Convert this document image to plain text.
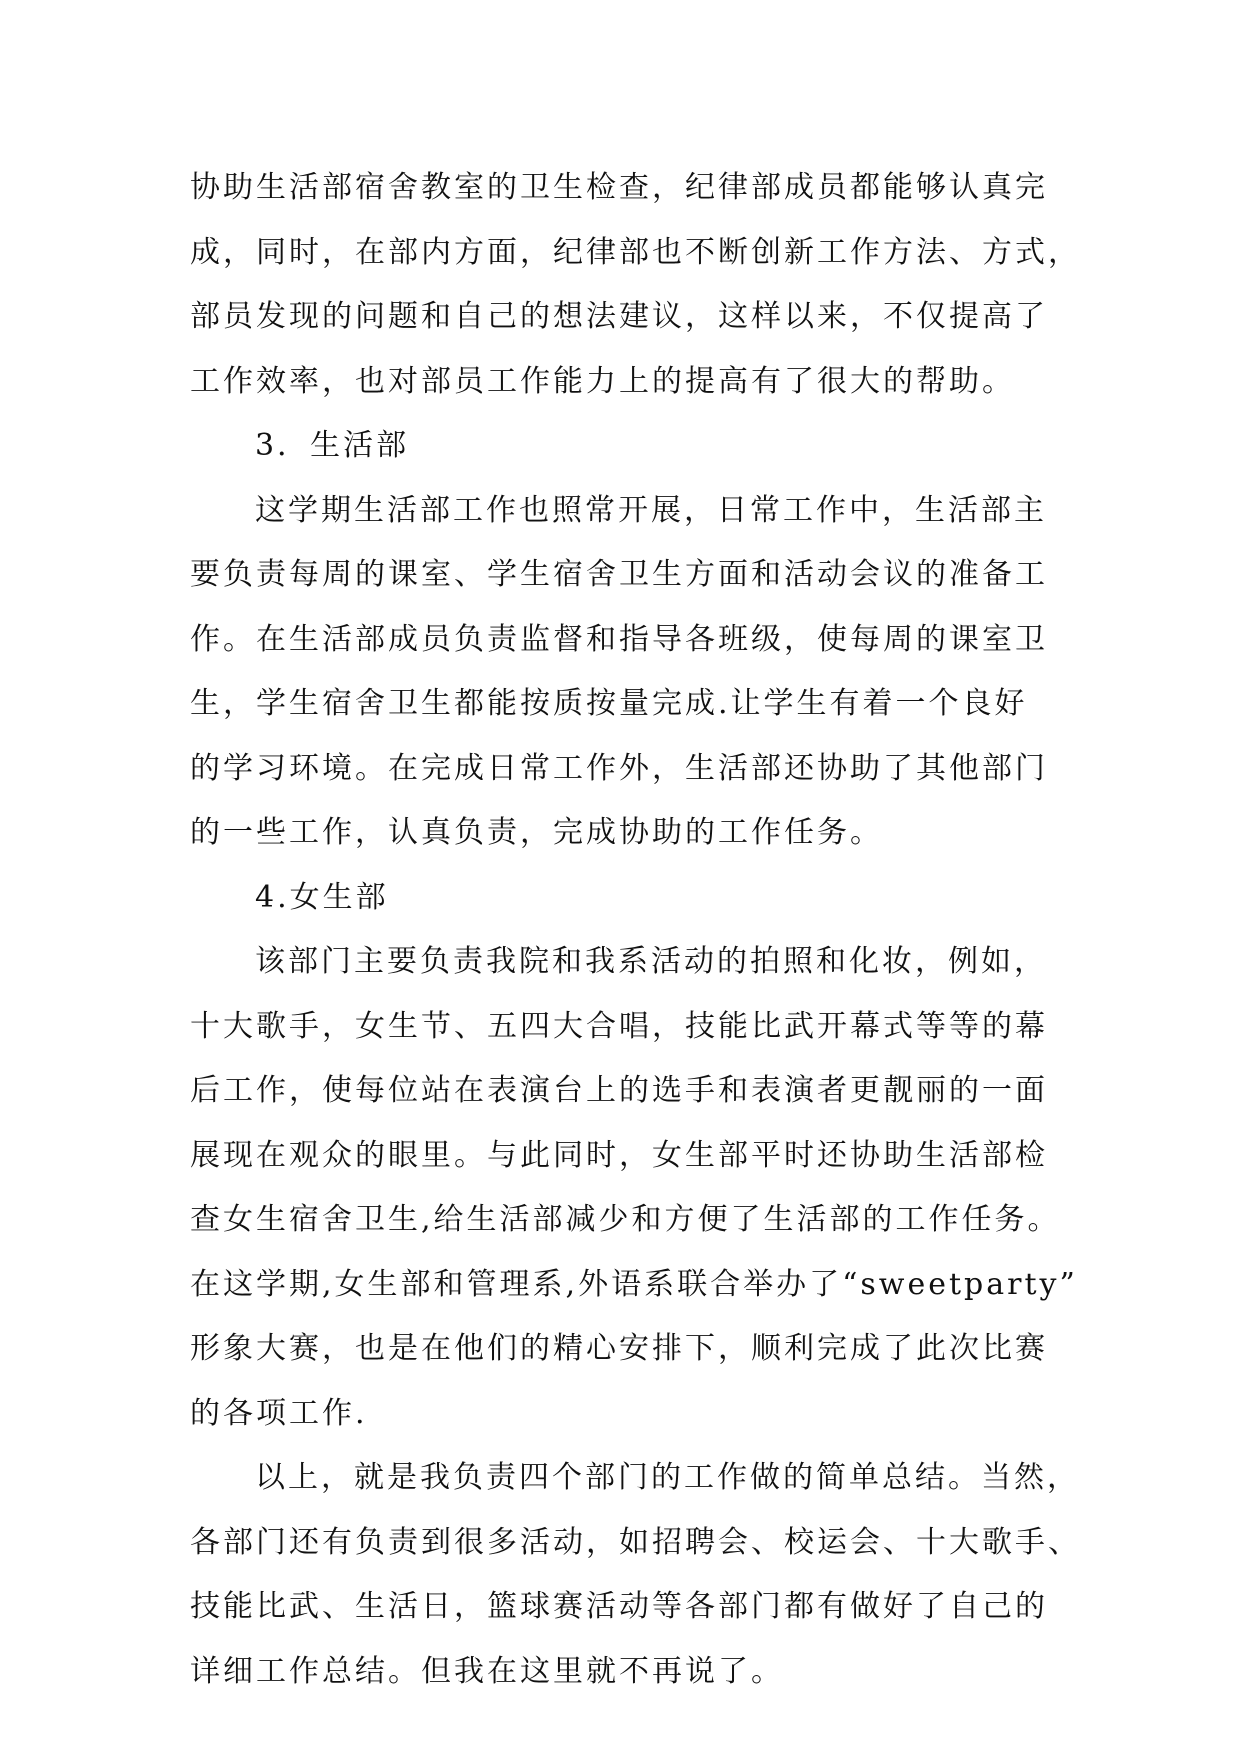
协助生活部宿舍教室的卫生检查，纪律部成员都能够认真完

成，同时，在部内方面，纪律部也不断创新工作方法、方式，

部员发现的问题和自己的想法建议，这样以来，不仅提高了

工作效率，也对部员工作能力上的提高有了很大的帮助。

3．生活部

这学期生活部工作也照常开展，日常工作中，生活部主

要负责每周的课室、学生宿舍卫生方面和活动会议的准备工

作。在生活部成员负责监督和指导各班级，使每周的课室卫

生，学生宿舍卫生都能按质按量完成.让学生有着一个良好

的学习环境。在完成日常工作外，生活部还协助了其他部门

的一些工作，认真负责，完成协助的工作任务。

4.女生部

该部门主要负责我院和我系活动的拍照和化妆，例如，

十大歌手，女生节、五四大合唱，技能比武开幕式等等的幕

后工作，使每位站在表演台上的选手和表演者更靓丽的一面

展现在观众的眼里。与此同时，女生部平时还协助生活部检

查女生宿舍卫生,给生活部减少和方便了生活部的工作任务。

在这学期,女生部和管理系,外语系联合举办了“sweetparty”

形象大赛，也是在他们的精心安排下，顺利完成了此次比赛

的各项工作.

以上，就是我负责四个部门的工作做的简单总结。当然，

各部门还有负责到很多活动，如招聘会、校运会、十大歌手、

技能比武、生活日，篮球赛活动等各部门都有做好了自己的

详细工作总结。但我在这里就不再说了。
